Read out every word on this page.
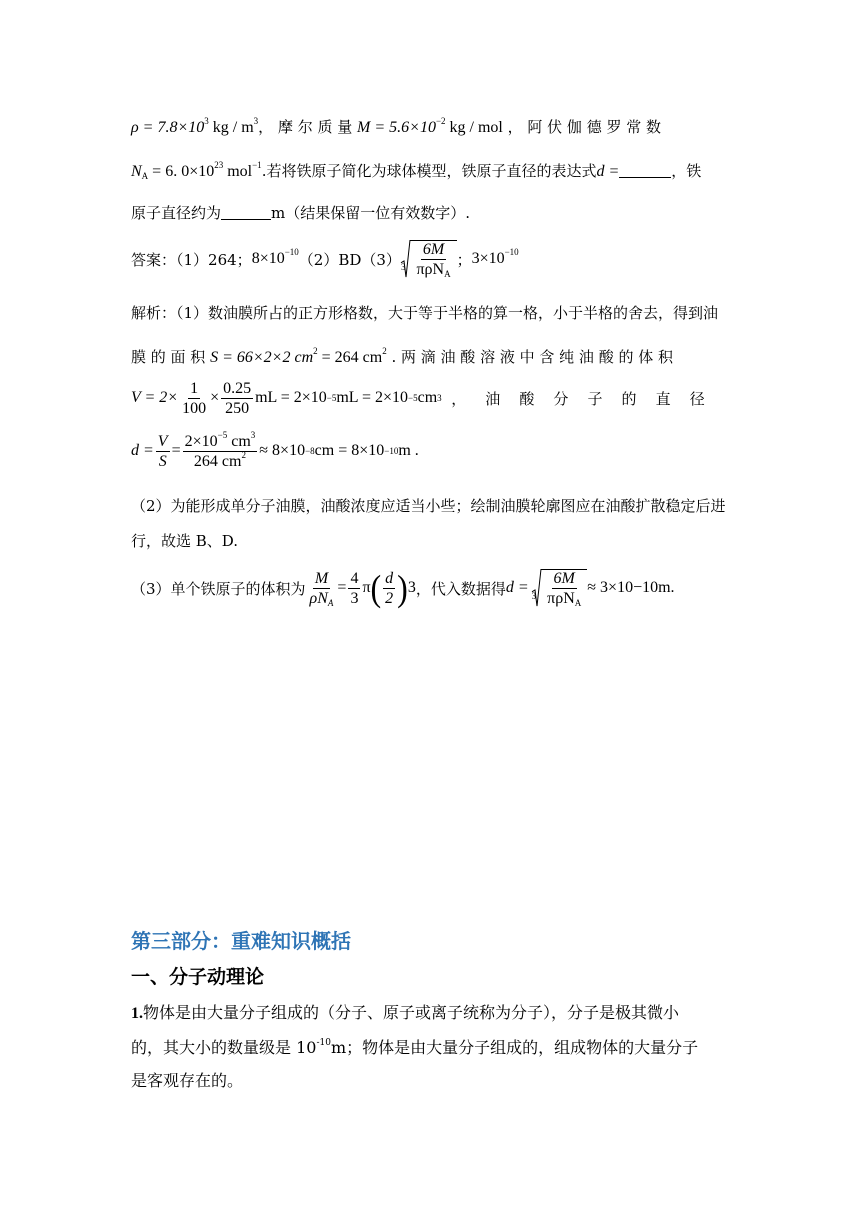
$\rho = 7.8\times 10^3$ kg / $m^3$， 摩 尔 质 量 $M = 5.6\times 10^{-2}$ kg / mol ， 阿 伏 伽 德 罗 常 数
$N_A = 6$. $0\times 10^{23}$ mol$^{-1}$.若将铁原子简化为球体模型，铁原子直径的表达式d =	，铁
原子直径约为	m（结果保留一位有效数字）.
答案：（1）264； $8\times 10^{-10}$ （2）BD（3） $3 \frac{6M}{\pi\rho N_A}$ ； $3\times 10^{-10}$
解析：（1）数油膜所占的正方形格数，大于等于半格的算一格，小于半格的舍去，得到油
膜 的 面 积 S = 66×2×2 $cm^2 = 264$ $cm^2$ . 两 滴 油 酸 溶 液 中 含 纯 油 酸 的 体 积
$V = 2\times \frac{1}{100} \times \frac{0.25}{250}$ mL = 2×10 −5 mL = 2×10 −5 cm 3 ，    油    酸    分    子    的    直    径
$d = \frac{V}{S} = \frac{2\times 10^{-5} cm^3}{264 cm^2} \approx 8\times 10 -8$ cm = 8×10 −10 m .
（2）为能形成单分子油膜，油酸浓度应适当小些；绘制油膜轮廓图应在油酸扩散稳定后进
行，故选 B、D.
（3）单个铁原子的体积为 $\frac{M}{\rho N_A} = \frac{4}{3}$ π ( $\frac{d}{2}$ ) 3 ，代入数据得 $d = 3 \frac{6M}{\pi\rho N_A} \approx 3\times 10 -10$ m.
第三部分：重难知识概括
一、分子动理论
1.物体是由大量分子组成的（分子、原子或离子统称为分子），分子是极其微小
的，其大小的数量级是 $10^{-10}m$；物体是由大量分子组成的，组成物体的大量分子
是客观存在的。
